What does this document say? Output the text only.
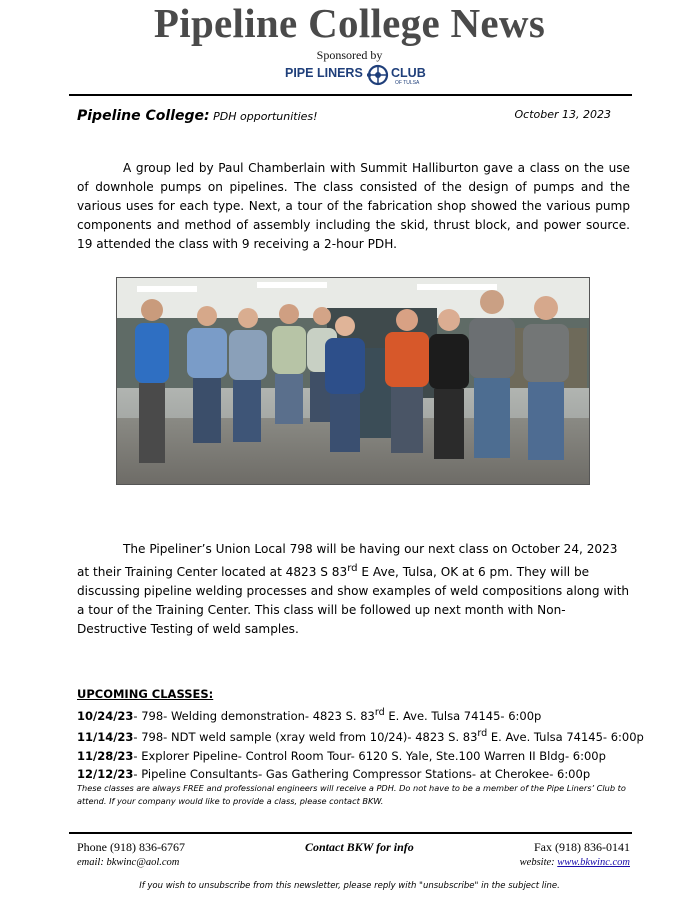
Pipeline College News
Sponsored by
PIPE LINERS CLUB
OF TULSA
Pipeline College: PDH opportunities!	October 13, 2023

A group led by Paul Chamberlain with Summit Halliburton gave a class on the use of downhole pumps on pipelines. The class consisted of the design of pumps and the various uses for each type. Next, a tour of the fabrication shop showed the various pump components and method of assembly including the skid, thrust block, and power source. 19 attended the class with 9 receiving a 2-hour PDH.

The Pipeliner’s Union Local 798 will be having our next class on October 24, 2023 at their Training Center located at 4823 S 83rd E Ave, Tulsa, OK at 6 pm. They will be discussing pipeline welding processes and show examples of weld compositions along with a tour of the Training Center. This class will be followed up next month with Non-Destructive Testing of weld samples.

UPCOMING CLASSES:
10/24/23- 798- Welding demonstration- 4823 S. 83rd E. Ave. Tulsa 74145- 6:00p
11/14/23- 798- NDT weld sample (xray weld from 10/24)- 4823 S. 83rd E. Ave. Tulsa 74145- 6:00p
11/28/23- Explorer Pipeline- Control Room Tour- 6120 S. Yale, Ste.100 Warren II Bldg- 6:00p
12/12/23- Pipeline Consultants- Gas Gathering Compressor Stations- at Cherokee- 6:00p

These classes are always FREE and professional engineers will receive a PDH. Do not have to be a member of the Pipe Liners’ Club to attend. If your company would like to provide a class, please contact BKW.

Phone (918) 836-6767
email: bkwinc@aol.com
Contact BKW for info	Fax (918) 836-0141
website: www.bkwinc.com
If you wish to unsubscribe from this newsletter, please reply with "unsubscribe" in the subject line.
